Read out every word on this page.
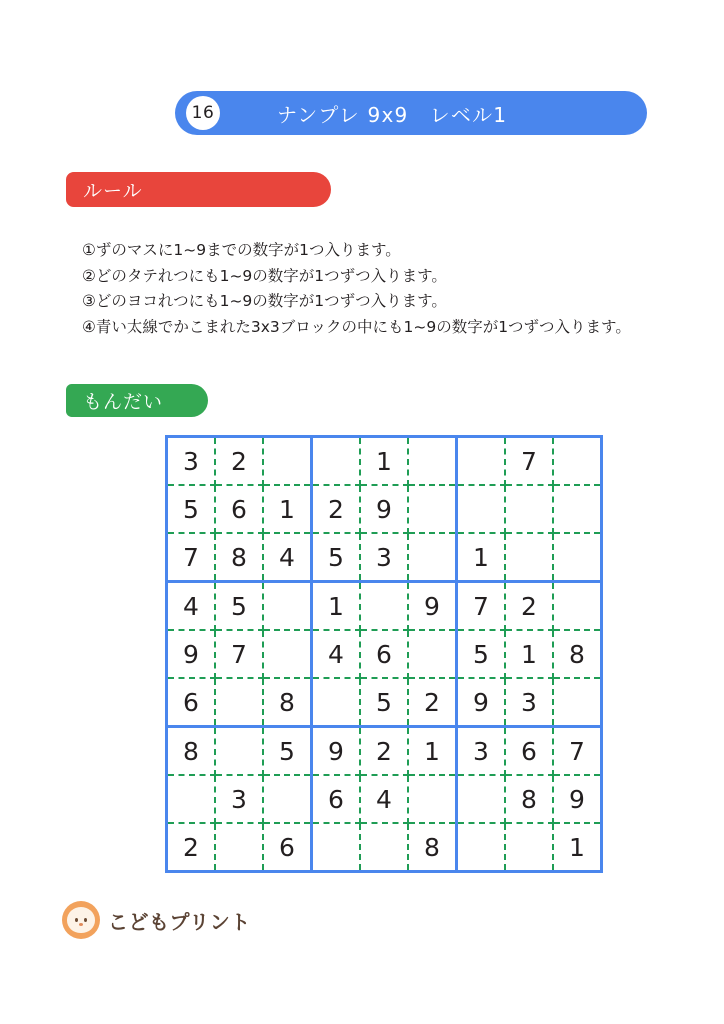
16	ナンプレ 9x9　レベル1
ルール
①ずのマスに1~9までの数字が1つ入ります。
②どのタテれつにも1~9の数字が1つずつ入ります。
③どのヨコれつにも1~9の数字が1つずつ入ります。
④青い太線でかこまれた3x3ブロックの中にも1~9の数字が1つずつ入ります。
もんだい
3	2			1			7	
5	6	1	2	9				
7	8	4	5	3		1		
4	5		1		9	7	2	
9	7		4	6		5	1	8
6		8		5	2	9	3	
8		5	9	2	1	3	6	7
	3		6	4			8	9
2		6			8			1
こどもプリント
